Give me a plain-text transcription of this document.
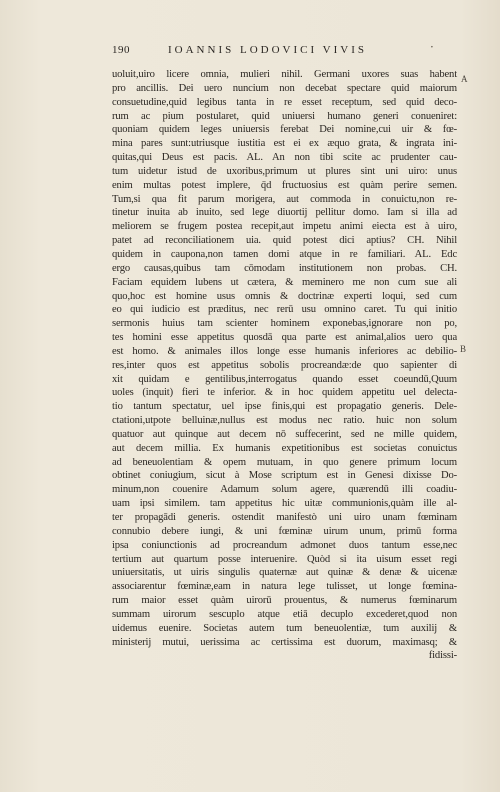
190	IOANNIS LODOVICI VIVIS	·
A
B
uoluit,uiro licere omnia, mulieri nihil. Germani uxores suas habent
pro ancillis. Dei uero nuncium non decebat spectare quid maiorum
consuetudine,quid legibus tanta in re esset receptum, sed quid deco-
rum ac pium postularet, quid uniuersi humano generi conueniret:
quoniam quidem leges uniuersis ferebat Dei nomine,cui uir & fœ-
mina pares sunt:utriusque iustitia est ei ex æquo grata, & ingrata ini-
quitas,qui Deus est pacis. AL. An non tibi scite ac prudenter cau-
tum uidetur istud de uxoribus,primum ut plures sint uni uiro: unus
enim multas potest implere, q̄d fructuosius est quàm perire semen.
Tum,si qua fit parum morigera, aut commoda in conuictu,non re-
tinetur inuita ab inuito, sed lege diuortij pellitur domo. Iam si illa ad
meliorem se frugem postea recepit,aut impetu animi eiecta est à uiro,
patet ad reconciliationem uia. quid potest dici aptius? CH. Nihil
quidem in caupona,non tamen domi atque in re familiari. AL. Edc
ergo causas,quibus tam cōmodam institutionem non probas. CH.
Faciam equidem lubens ut cætera, & meminero me non cum sue ali
quo,hoc est homine usus omnis & doctrinæ experti loqui, sed cum
eo qui iudicio est præditus, nec rerū usu omnino caret. Tu qui initio
sermonis huius tam scienter hominem exponebas,ignorare non po,
tes homini esse appetitus quosdā qua parte est animal,alios uero qua
est homo. & animales illos longe esse humanis inferiores ac debilio-
res,inter quos est appetitus sobolis procreandæ:de quo sapienter di
xit quidam e gentilibus,interrogatus quando esset coeundū,Quum
uoles (inquit) fieri te inferior. & in hoc quidem appetitu uel delecta-
tio tantum spectatur, uel ipse finis,qui est propagatio generis. Dele-
ctationi,utpote belluinæ,nullus est modus nec ratio. huic non solum
quatuor aut quinque aut decem nō suffecerint, sed ne mille quidem,
aut decem millia. Ex humanis expetitionibus est societas conuictus
ad beneuolentiam & opem mutuam, in quo genere primum locum
obtinet coniugium, sicut à Mose scriptum est in Genesi dixisse Do-
minum,non couenire Adamum solum agere, quærendū illi coadiu-
uam ipsi similem. tam appetitus hic uitæ communionis,quàm ille al-
ter propagādi generis. ostendit manifestò uni uiro unam fœminam
connubio debere iungi, & uni fœminæ uirum unum, primū forma
ipsa coniunctionis ad procreandum admonet duos tantum esse,nec
tertium aut quartum posse interuenire. Quòd si ita uisum esset regi
uniuersitatis, ut uiris singulis quaternæ aut quinæ & denæ & uicenæ
associarentur fœminæ,eam in natura lege tulisset, ut longe fœmina-
rum maior esset quàm uirorū prouentus, & numerus fœminarum
summam uirorum sescuplo atque etiā decuplo excederet,quod non
uidemus euenire. Societas autem tum beneuolentiæ, tum auxilij &
ministerij mutui, uerissima ac certissima est duorum, maximasq; &
fidissi-
